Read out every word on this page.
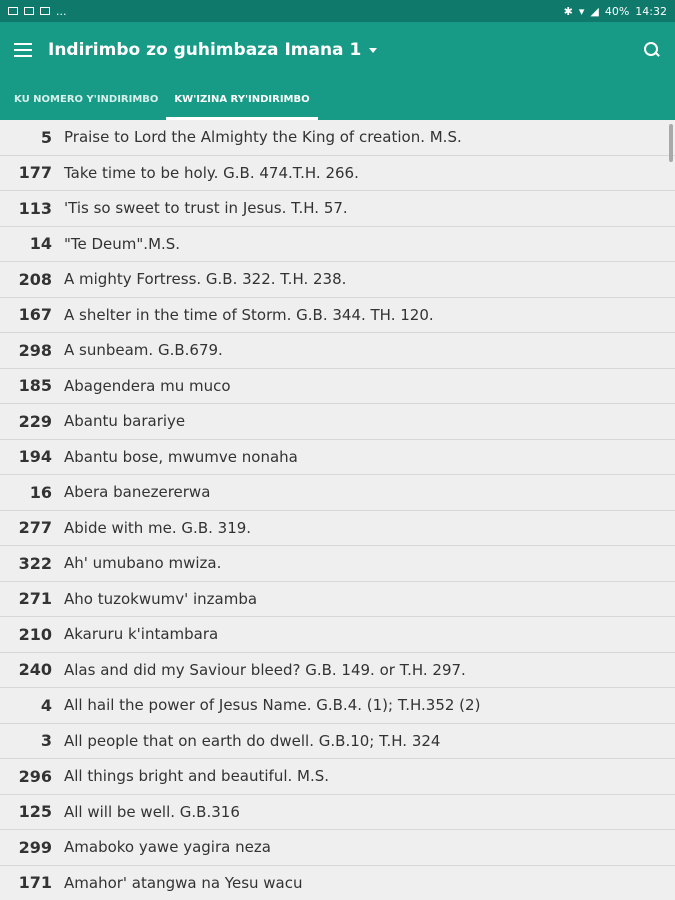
...	✱ ▾ ◢ 40% 14:32
Indirimbo zo guhimbaza Imana 1
KU NOMERO Y'INDIRIMBO	KW'IZINA RY'INDIRIMBO
5 Praise to Lord the Almighty the King of creation. M.S.
177 Take time to be holy. G.B. 474.T.H. 266.
113 'Tis so sweet to trust in Jesus. T.H. 57.
14 "Te Deum".M.S.
208 A mighty Fortress. G.B. 322. T.H. 238.
167 A shelter in the time of Storm. G.B. 344. TH. 120.
298 A sunbeam. G.B.679.
185 Abagendera mu muco
229 Abantu barariye
194 Abantu bose, mwumve nonaha
16 Abera banezererwa
277 Abide with me. G.B. 319.
322 Ah' umubano mwiza.
271 Aho tuzokwumv' inzamba
210 Akaruru k'intambara
240 Alas and did my Saviour bleed? G.B. 149. or T.H. 297.
4 All hail the power of Jesus Name. G.B.4. (1); T.H.352 (2)
3 All people that on earth do dwell. G.B.10; T.H. 324
296 All things bright and beautiful. M.S.
125 All will be well. G.B.316
299 Amaboko yawe yagira neza
171 Amahor' atangwa na Yesu wacu
